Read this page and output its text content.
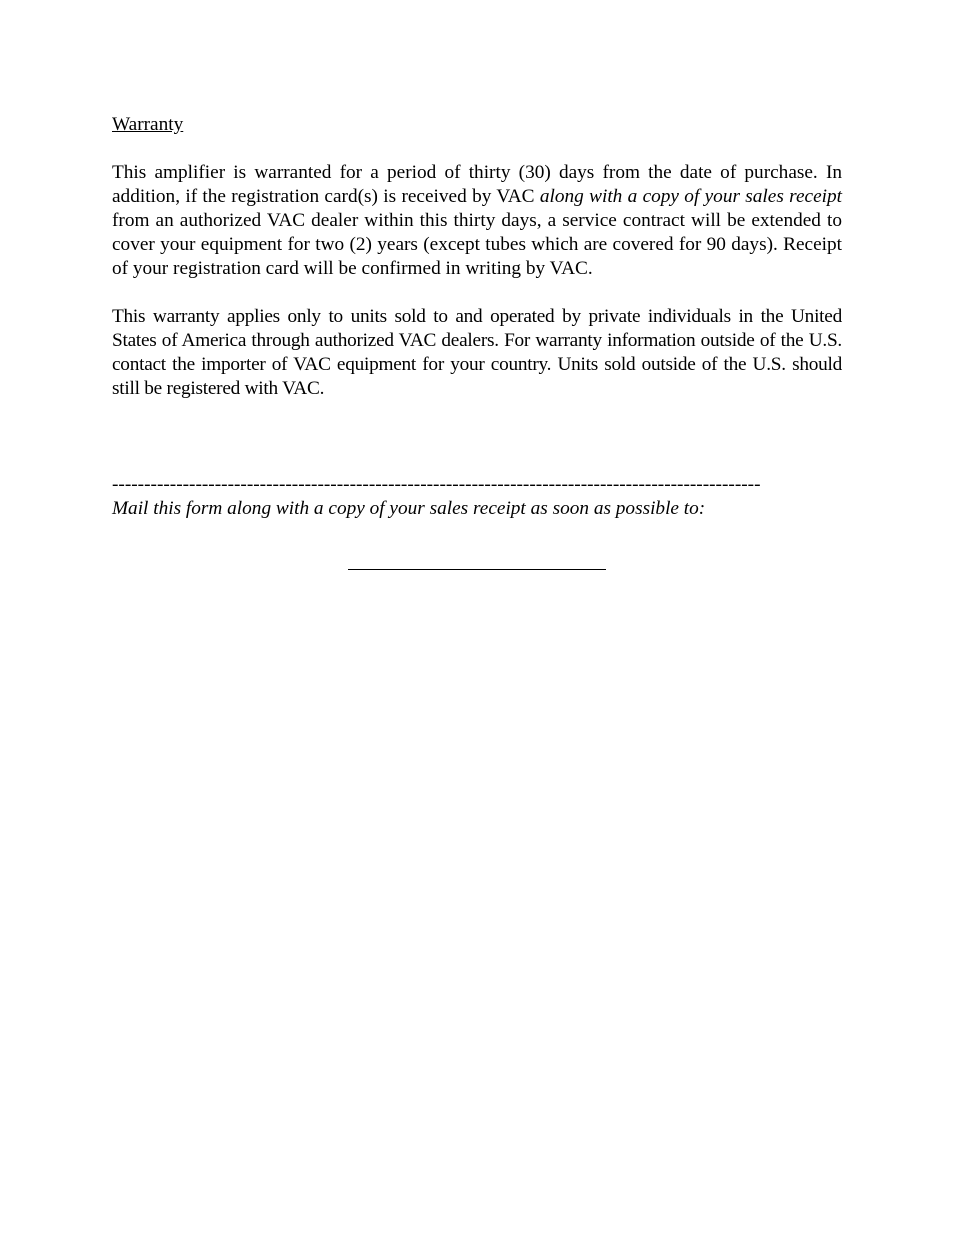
Warranty

This amplifier is warranted for a period of thirty (30) days from the date of purchase. In addition, if the registration card(s) is received by VAC along with a copy of your sales receipt from an authorized VAC dealer within this thirty days, a service contract will be extended to cover your equipment for two (2) years (except tubes which are covered for 90 days). Receipt of your registration card will be confirmed in writing by VAC.

This warranty applies only to units sold to and operated by private individuals in the United States of America through authorized VAC dealers. For warranty information outside of the U.S. contact the importer of VAC equipment for your country. Units sold outside of the U.S. should still be registered with VAC.

-----------------------------------------------------------------------------------------------------

Mail this form along with a copy of your sales receipt as soon as possible to:
